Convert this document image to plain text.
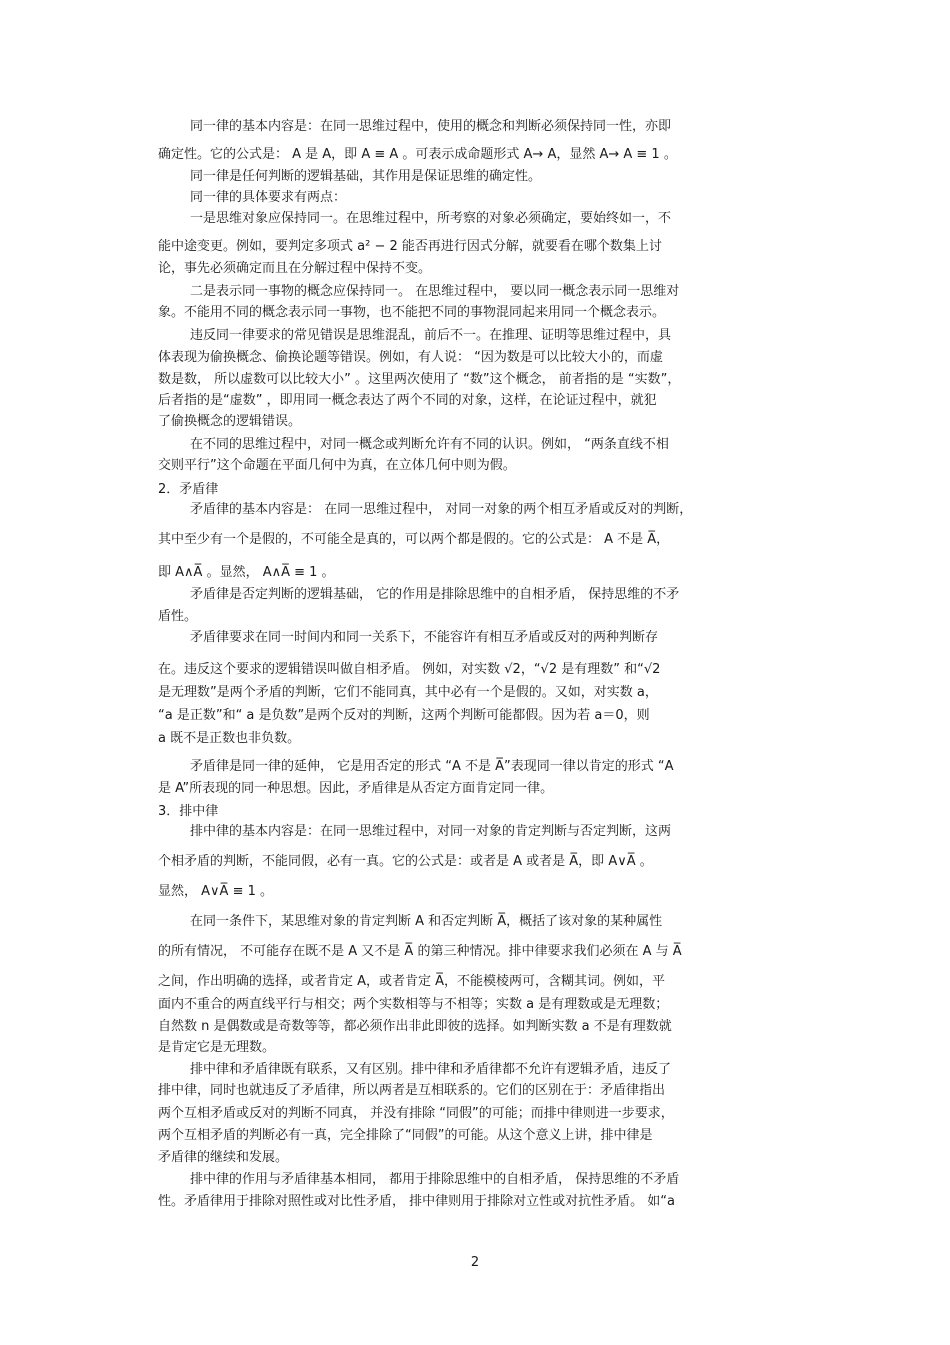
同一律的基本内容是：在同一思维过程中，使用的概念和判断必须保持同一性，亦即
确定性。它的公式是： A 是 A，即 A ≡ A 。可表示成命题形式 A→ A，显然 A→ A ≡ 1 。
同一律是任何判断的逻辑基础，其作用是保证思维的确定性。
同一律的具体要求有两点：
一是思维对象应保持同一。在思维过程中，所考察的对象必须确定，要始终如一，不
能中途变更。例如，要判定多项式 a² − 2 能否再进行因式分解，就要看在哪个数集上讨
论，事先必须确定而且在分解过程中保持不变。
二是表示同一事物的概念应保持同一。 在思维过程中， 要以同一概念表示同一思维对
象。不能用不同的概念表示同一事物，也不能把不同的事物混同起来用同一个概念表示。
违反同一律要求的常见错误是思维混乱，前后不一。在推理、证明等思维过程中，具
体表现为偷换概念、偷换论题等错误。例如，有人说： “因为数是可以比较大小的，而虚
数是数， 所以虚数可以比较大小” 。这里两次使用了 “数”这个概念， 前者指的是 “实数”，
后者指的是“虚数” ，即用同一概念表达了两个不同的对象，这样，在论证过程中，就犯
了偷换概念的逻辑错误。
在不同的思维过程中，对同一概念或判断允许有不同的认识。例如， “两条直线不相
交则平行”这个命题在平面几何中为真，在立体几何中则为假。
2．矛盾律
矛盾律的基本内容是： 在同一思维过程中， 对同一对象的两个相互矛盾或反对的判断，
其中至少有一个是假的，不可能全是真的，可以两个都是假的。它的公式是： A 不是 A̅，
即 A∧A̅ 。显然， A∧A̅ ≡ 1 。
矛盾律是否定判断的逻辑基础， 它的作用是排除思维中的自相矛盾， 保持思维的不矛
盾性。
矛盾律要求在同一时间内和同一关系下，不能容许有相互矛盾或反对的两种判断存
在。违反这个要求的逻辑错误叫做自相矛盾。 例如，对实数 √2，“√2 是有理数” 和“√2
是无理数”是两个矛盾的判断，它们不能同真，其中必有一个是假的。又如，对实数 a，
“a 是正数”和“ a 是负数”是两个反对的判断，这两个判断可能都假。因为若 a＝0，则
a 既不是正数也非负数。
矛盾律是同一律的延伸， 它是用否定的形式 “A 不是 A̅”表现同一律以肯定的形式 “A
是 A”所表现的同一种思想。因此，矛盾律是从否定方面肯定同一律。
3．排中律
排中律的基本内容是：在同一思维过程中，对同一对象的肯定判断与否定判断，这两
个相矛盾的判断，不能同假，必有一真。它的公式是：或者是 A 或者是 A̅，即 A∨A̅ 。
显然， A∨A̅ ≡ 1 。
在同一条件下，某思维对象的肯定判断 A 和否定判断 A̅，概括了该对象的某种属性
的所有情况， 不可能存在既不是 A 又不是 A̅ 的第三种情况。排中律要求我们必须在 A 与 A̅
之间，作出明确的选择，或者肯定 A，或者肯定 A̅，不能模棱两可，含糊其词。例如，平
面内不重合的两直线平行与相交；两个实数相等与不相等；实数 a 是有理数或是无理数；
自然数 n 是偶数或是奇数等等，都必须作出非此即彼的选择。如判断实数 a 不是有理数就
是肯定它是无理数。
排中律和矛盾律既有联系，又有区别。排中律和矛盾律都不允许有逻辑矛盾，违反了
排中律，同时也就违反了矛盾律，所以两者是互相联系的。它们的区别在于：矛盾律指出
两个互相矛盾或反对的判断不同真， 并没有排除 “同假”的可能；而排中律则进一步要求，
两个互相矛盾的判断必有一真，完全排除了“同假”的可能。从这个意义上讲，排中律是
矛盾律的继续和发展。
排中律的作用与矛盾律基本相同， 都用于排除思维中的自相矛盾， 保持思维的不矛盾
性。矛盾律用于排除对照性或对比性矛盾， 排中律则用于排除对立性或对抗性矛盾。 如“a
2
